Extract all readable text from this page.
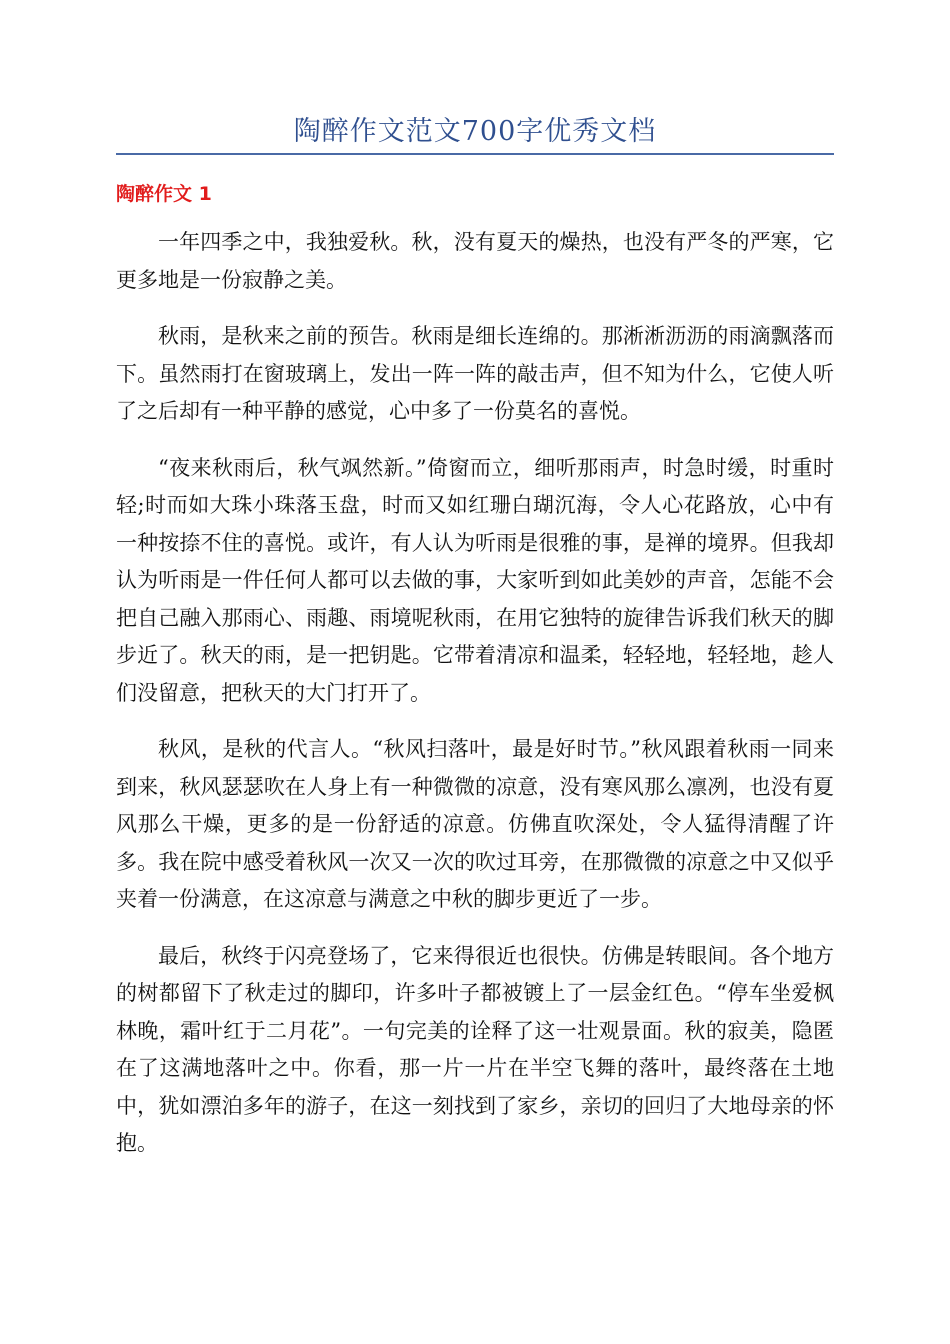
陶醉作文范文700字优秀文档
陶醉作文 1

一年四季之中，我独爱秋。秋，没有夏天的燥热，也没有严冬的严寒，它更多地是一份寂静之美。

秋雨，是秋来之前的预告。秋雨是细长连绵的。那淅淅沥沥的雨滴飘落而下。虽然雨打在窗玻璃上，发出一阵一阵的敲击声，但不知为什么，它使人听了之后却有一种平静的感觉，心中多了一份莫名的喜悦。

“夜来秋雨后，秋气飒然新。”倚窗而立，细听那雨声，时急时缓，时重时轻;时而如大珠小珠落玉盘，时而又如红珊白瑚沉海，令人心花路放，心中有一种按捺不住的喜悦。或许，有人认为听雨是很雅的事，是禅的境界。但我却认为听雨是一件任何人都可以去做的事，大家听到如此美妙的声音，怎能不会把自己融入那雨心、雨趣、雨境呢秋雨，在用它独特的旋律告诉我们秋天的脚步近了。秋天的雨，是一把钥匙。它带着清凉和温柔，轻轻地，轻轻地，趁人们没留意，把秋天的大门打开了。

秋风，是秋的代言人。“秋风扫落叶，最是好时节。”秋风跟着秋雨一同来到来，秋风瑟瑟吹在人身上有一种微微的凉意，没有寒风那么凛冽，也没有夏风那么干燥，更多的是一份舒适的凉意。仿佛直吹深处，令人猛得清醒了许多。我在院中感受着秋风一次又一次的吹过耳旁，在那微微的凉意之中又似乎夹着一份满意，在这凉意与满意之中秋的脚步更近了一步。

最后，秋终于闪亮登场了，它来得很近也很快。仿佛是转眼间。各个地方的树都留下了秋走过的脚印，许多叶子都被镀上了一层金红色。“停车坐爱枫林晚，霜叶红于二月花”。一句完美的诠释了这一壮观景面。秋的寂美，隐匿在了这满地落叶之中。你看，那一片一片在半空飞舞的落叶，最终落在土地中，犹如漂泊多年的游子，在这一刻找到了家乡，亲切的回归了大地母亲的怀抱。
